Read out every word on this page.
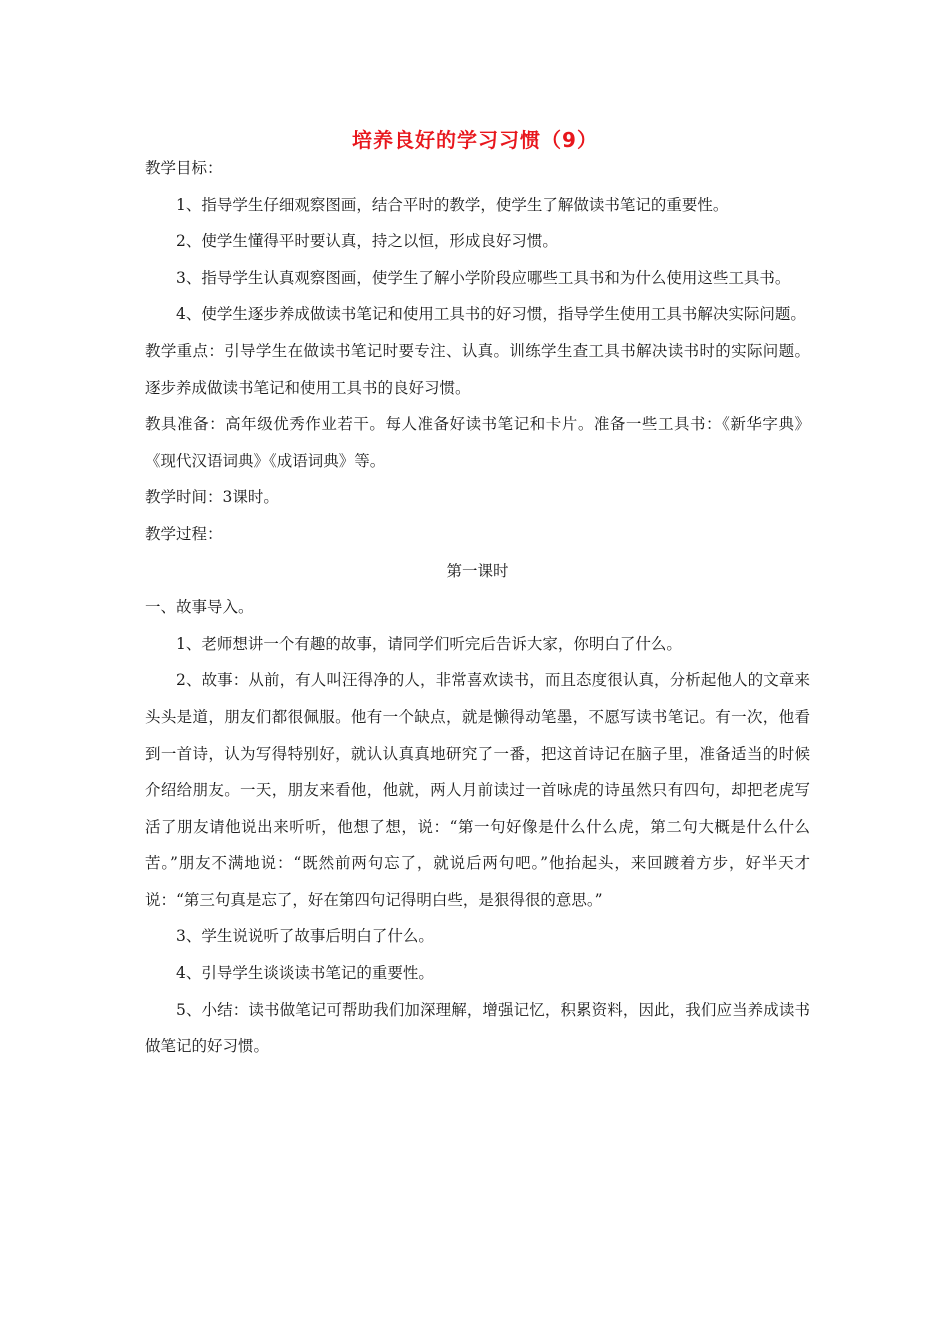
培养良好的学习习惯（9）

教学目标：

1、指导学生仔细观察图画，结合平时的教学，使学生了解做读书笔记的重要性。

2、使学生懂得平时要认真，持之以恒，形成良好习惯。

3、指导学生认真观察图画，使学生了解小学阶段应哪些工具书和为什么使用这些工具书。

4、使学生逐步养成做读书笔记和使用工具书的好习惯，指导学生使用工具书解决实际问题。

教学重点：引导学生在做读书笔记时要专注、认真。训练学生查工具书解决读书时的实际问题。逐步养成做读书笔记和使用工具书的良好习惯。

教具准备：高年级优秀作业若干。每人准备好读书笔记和卡片。准备一些工具书：《新华字典》《现代汉语词典》《成语词典》等。

教学时间：3课时。

教学过程：

第一课时

一、故事导入。

1、老师想讲一个有趣的故事，请同学们听完后告诉大家，你明白了什么。

2、故事：从前，有人叫汪得净的人，非常喜欢读书，而且态度很认真，分析起他人的文章来头头是道，朋友们都很佩服。他有一个缺点，就是懒得动笔墨，不愿写读书笔记。有一次，他看到一首诗，认为写得特别好，就认认真真地研究了一番，把这首诗记在脑子里，准备适当的时候介绍给朋友。一天，朋友来看他，他就，两人月前读过一首咏虎的诗虽然只有四句，却把老虎写活了朋友请他说出来听听，他想了想，说：“第一句好像是什么什么虎，第二句大概是什么什么苦。”朋友不满地说：“既然前两句忘了，就说后两句吧。”他抬起头，来回踱着方步，好半天才说：“第三句真是忘了，好在第四句记得明白些，是狠得很的意思。”

3、学生说说听了故事后明白了什么。

4、引导学生谈谈读书笔记的重要性。

5、小结：读书做笔记可帮助我们加深理解，增强记忆，积累资料，因此，我们应当养成读书做笔记的好习惯。
